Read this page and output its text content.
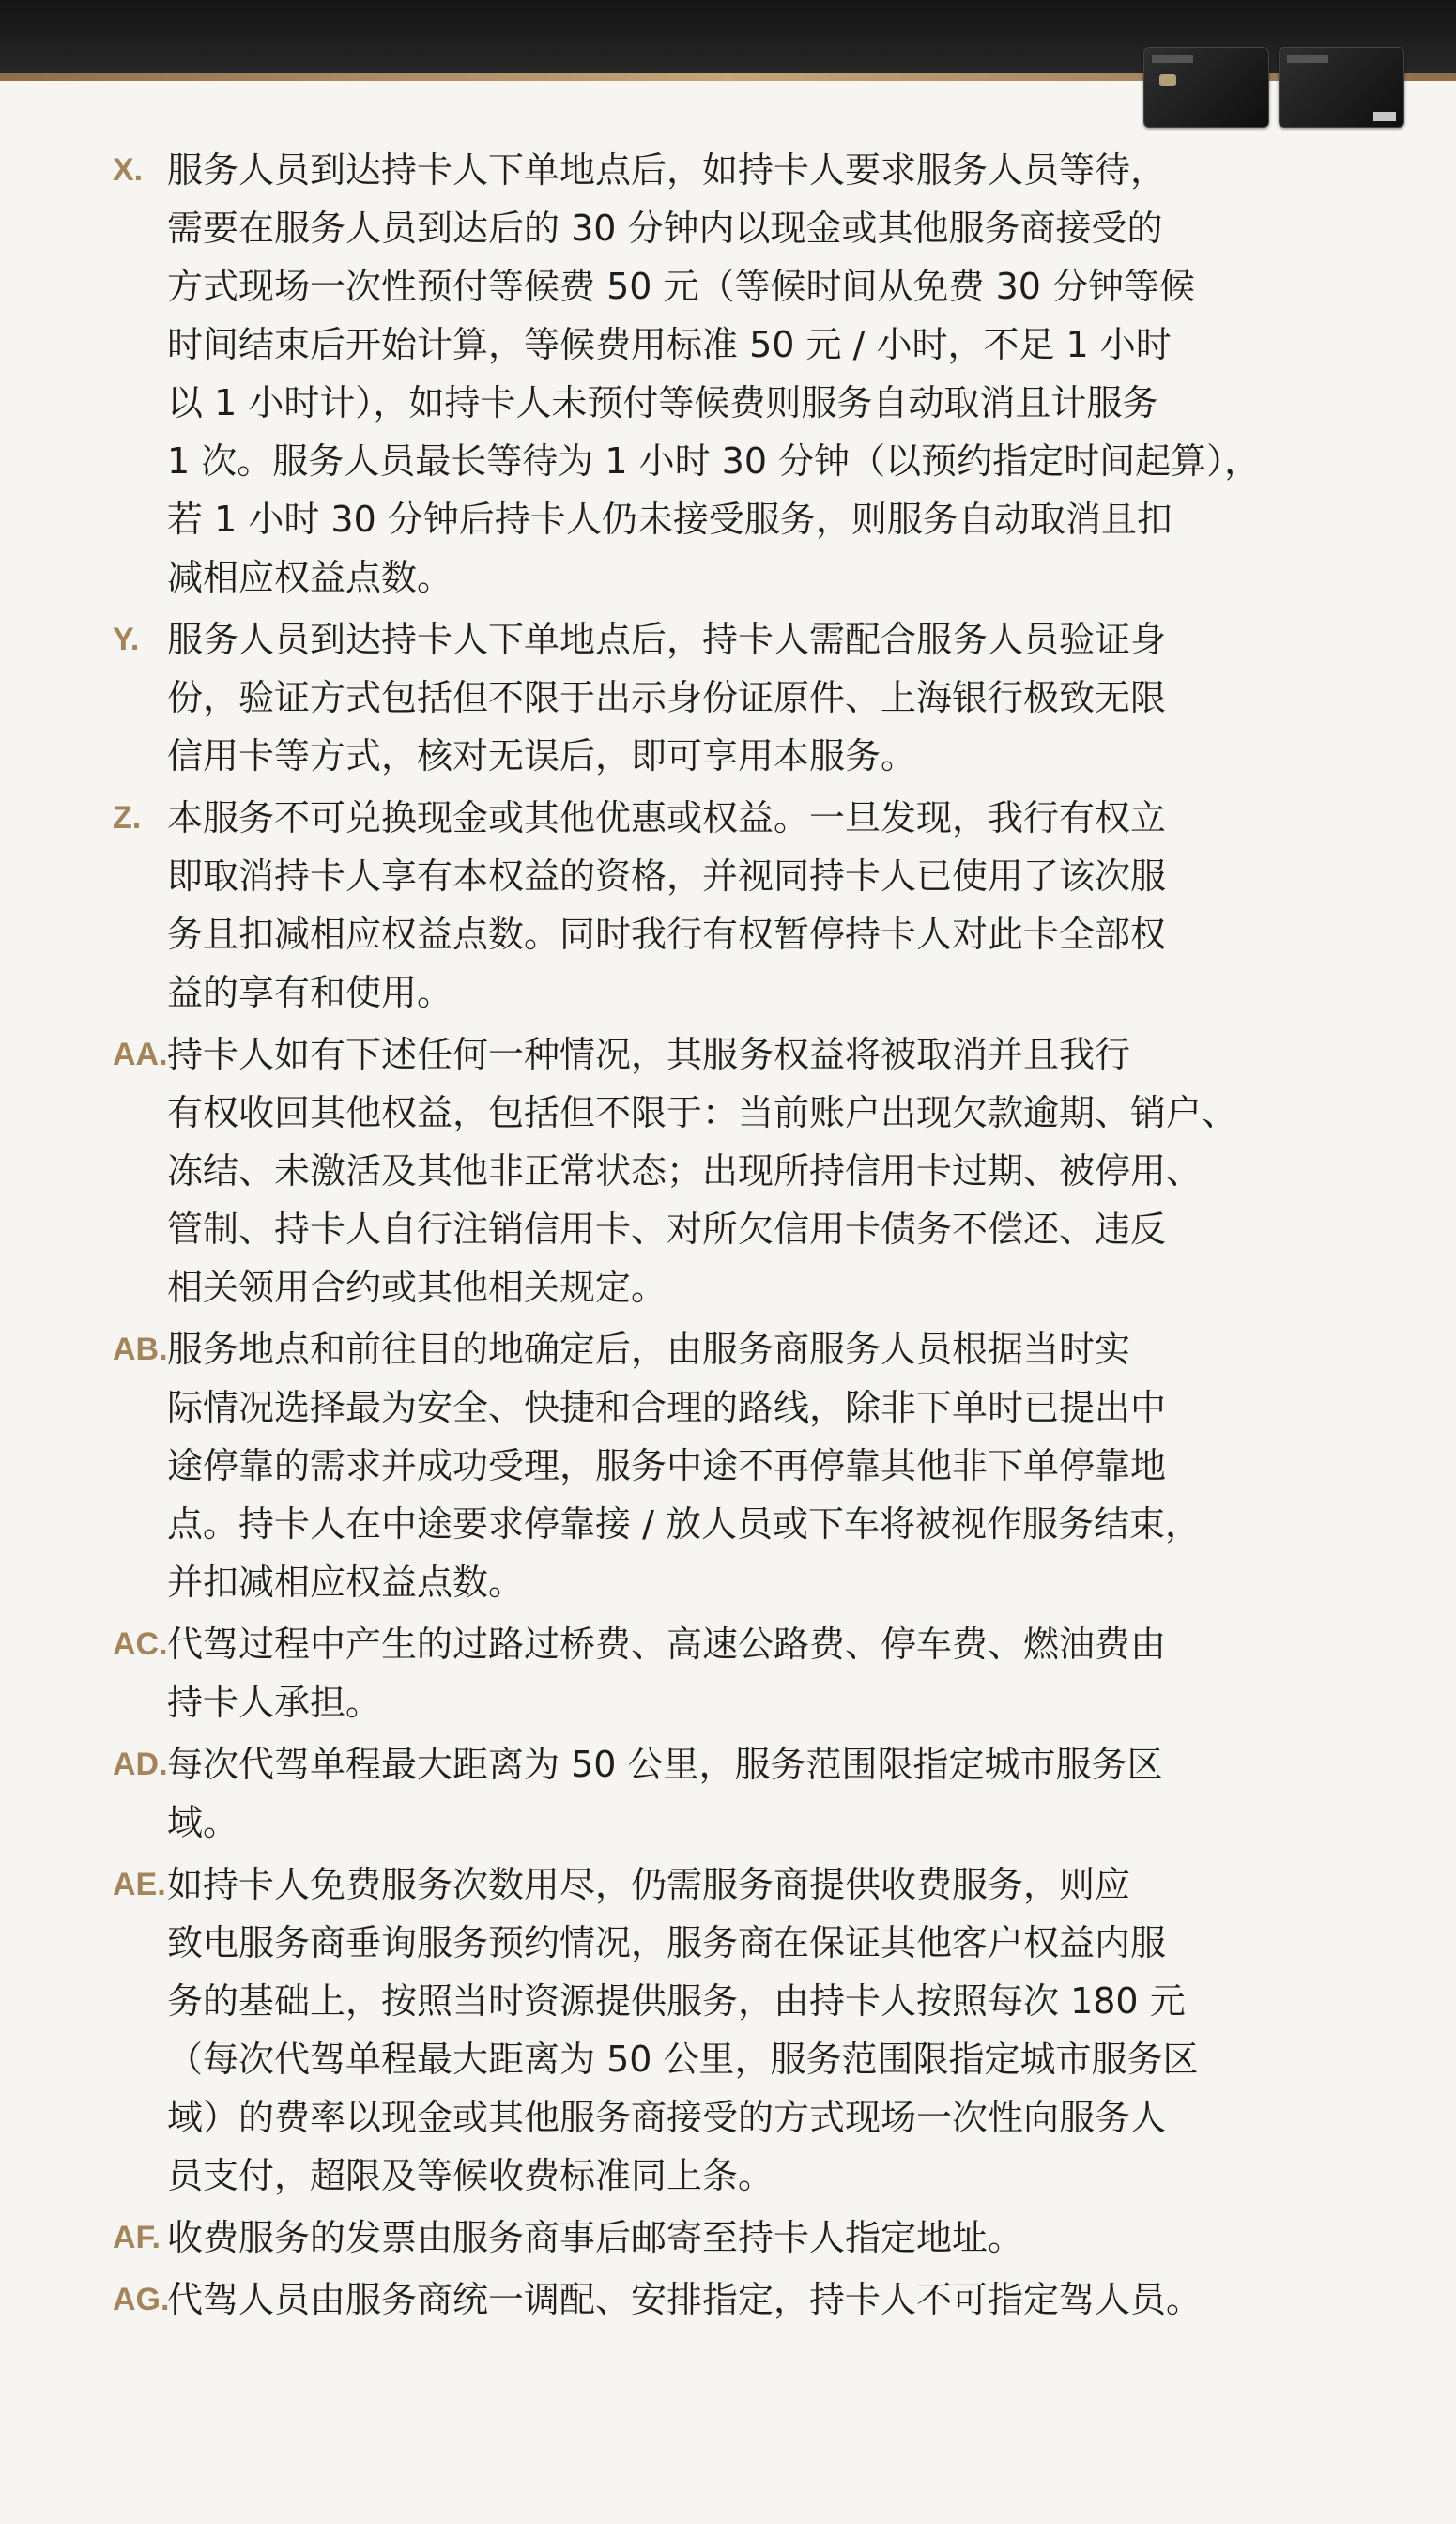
X. 服务人员到达持卡人下单地点后，如持卡人要求服务人员等待，
需要在服务人员到达后的 30 分钟内以现金或其他服务商接受的
方式现场一次性预付等候费 50 元（等候时间从免费 30 分钟等候
时间结束后开始计算，等候费用标准 50 元 / 小时，不足 1 小时
以 1 小时计），如持卡人未预付等候费则服务自动取消且计服务
1 次。服务人员最长等待为 1 小时 30 分钟（以预约指定时间起算），
若 1 小时 30 分钟后持卡人仍未接受服务，则服务自动取消且扣
减相应权益点数。
Y. 服务人员到达持卡人下单地点后，持卡人需配合服务人员验证身
份，验证方式包括但不限于出示身份证原件、上海银行极致无限
信用卡等方式，核对无误后，即可享用本服务。
Z. 本服务不可兑换现金或其他优惠或权益。一旦发现，我行有权立
即取消持卡人享有本权益的资格，并视同持卡人已使用了该次服
务且扣减相应权益点数。同时我行有权暂停持卡人对此卡全部权
益的享有和使用。
AA. 持卡人如有下述任何一种情况，其服务权益将被取消并且我行
有权收回其他权益，包括但不限于：当前账户出现欠款逾期、销户、
冻结、未激活及其他非正常状态；出现所持信用卡过期、被停用、
管制、持卡人自行注销信用卡、对所欠信用卡债务不偿还、违反
相关领用合约或其他相关规定。
AB. 服务地点和前往目的地确定后，由服务商服务人员根据当时实
际情况选择最为安全、快捷和合理的路线，除非下单时已提出中
途停靠的需求并成功受理，服务中途不再停靠其他非下单停靠地
点。持卡人在中途要求停靠接 / 放人员或下车将被视作服务结束，
并扣减相应权益点数。
AC. 代驾过程中产生的过路过桥费、高速公路费、停车费、燃油费由
持卡人承担。
AD. 每次代驾单程最大距离为 50 公里，服务范围限指定城市服务区
域。
AE. 如持卡人免费服务次数用尽，仍需服务商提供收费服务，则应
致电服务商垂询服务预约情况，服务商在保证其他客户权益内服
务的基础上，按照当时资源提供服务，由持卡人按照每次 180 元
（每次代驾单程最大距离为 50 公里，服务范围限指定城市服务区
域）的费率以现金或其他服务商接受的方式现场一次性向服务人
员支付，超限及等候收费标准同上条。
AF. 收费服务的发票由服务商事后邮寄至持卡人指定地址。
AG.
代驾人员由服务商统一调配、安排指定，持卡人不可指定驾人员。
